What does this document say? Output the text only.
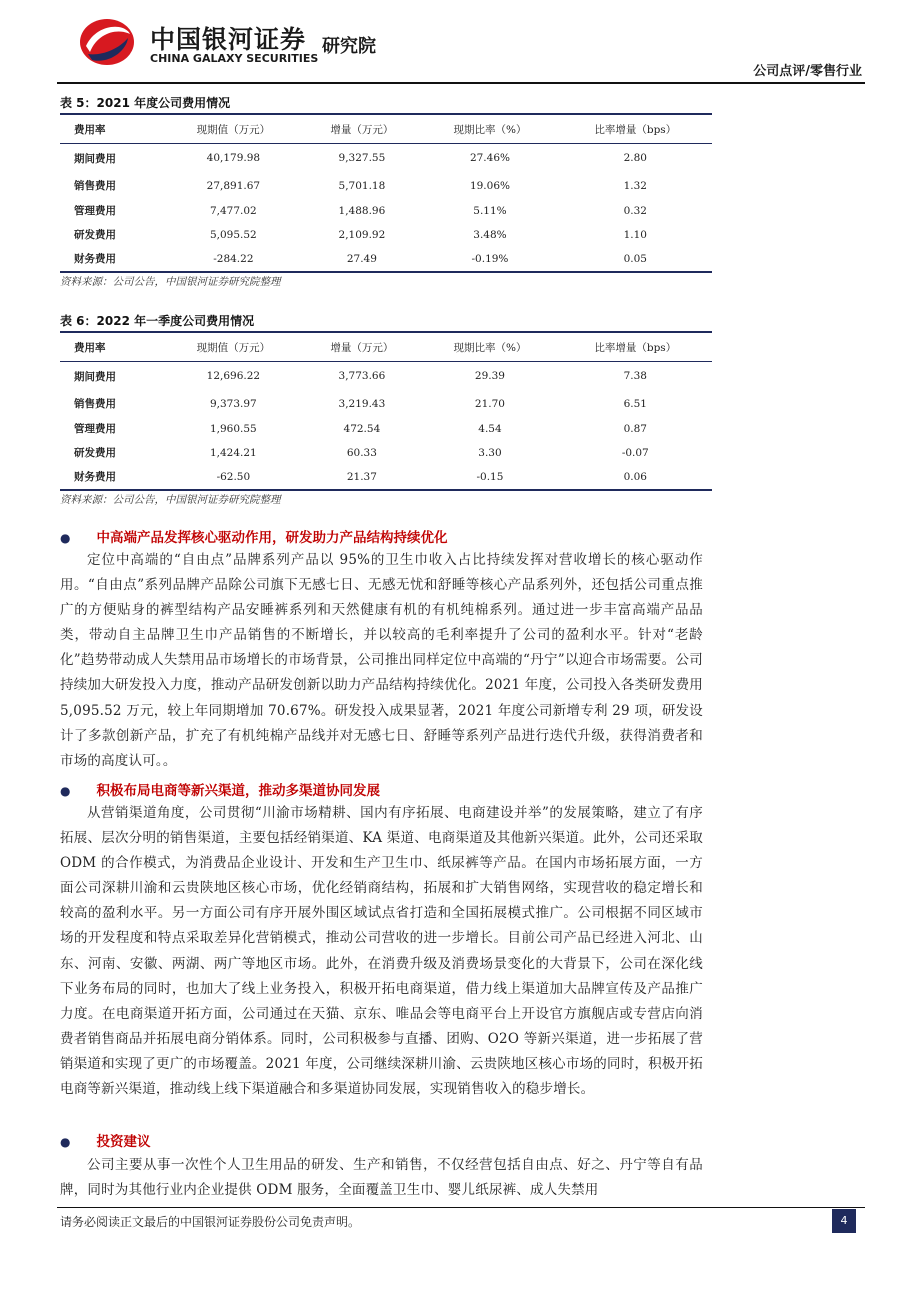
中国银河证券
CHINA GALAXY SECURITIES
研究院
公司点评/零售行业
表 5：2021 年度公司费用情况
费用率	现期值（万元）	增量（万元）	现期比率（%）	比率增量（bps）
期间费用	40,179.98	9,327.55	27.46%	2.80
销售费用	27,891.67	5,701.18	19.06%	1.32
管理费用	7,477.02	1,488.96	5.11%	0.32
研发费用	5,095.52	2,109.92	3.48%	1.10
财务费用	-284.22	27.49	-0.19%	0.05
资料来源：公司公告，中国银河证券研究院整理
表 6：2022 年一季度公司费用情况
费用率	现期值（万元）	增量（万元）	现期比率（%）	比率增量（bps）
期间费用	12,696.22	3,773.66	29.39	7.38
销售费用	9,373.97	3,219.43	21.70	6.51
管理费用	1,960.55	472.54	4.54	0.87
研发费用	1,424.21	60.33	3.30	-0.07
财务费用	-62.50	21.37	-0.15	0.06
资料来源：公司公告，中国银河证券研究院整理
● 中高端产品发挥核心驱动作用，研发助力产品结构持续优化

定位中高端的“自由点”品牌系列产品以 95%的卫生巾收入占比持续发挥对营收增长的核心驱动作用。“自由点”系列品牌产品除公司旗下无感七日、无感无忧和舒睡等核心产品系列外，还包括公司重点推广的方便贴身的裤型结构产品安睡裤系列和天然健康有机的有机纯棉系列。通过进一步丰富高端产品品类，带动自主品牌卫生巾产品销售的不断增长，并以较高的毛利率提升了公司的盈利水平。针对“老龄化”趋势带动成人失禁用品市场增长的市场背景，公司推出同样定位中高端的“丹宁”以迎合市场需要。公司持续加大研发投入力度，推动产品研发创新以助力产品结构持续优化。2021 年度，公司投入各类研发费用 5,095.52 万元，较上年同期增加 70.67%。研发投入成果显著，2021 年度公司新增专利 29 项，研发设计了多款创新产品，扩充了有机纯棉产品线并对无感七日、舒睡等系列产品进行迭代升级，获得消费者和市场的高度认可。。

● 积极布局电商等新兴渠道，推动多渠道协同发展

从营销渠道角度，公司贯彻“川渝市场精耕、国内有序拓展、电商建设并举”的发展策略，建立了有序拓展、层次分明的销售渠道，主要包括经销渠道、KA 渠道、电商渠道及其他新兴渠道。此外，公司还采取 ODM 的合作模式，为消费品企业设计、开发和生产卫生巾、纸尿裤等产品。在国内市场拓展方面，一方面公司深耕川渝和云贵陕地区核心市场，优化经销商结构，拓展和扩大销售网络，实现营收的稳定增长和较高的盈利水平。另一方面公司有序开展外围区域试点省打造和全国拓展模式推广。公司根据不同区域市场的开发程度和特点采取差异化营销模式，推动公司营收的进一步增长。目前公司产品已经进入河北、山东、河南、安徽、两湖、两广等地区市场。此外，在消费升级及消费场景变化的大背景下，公司在深化线下业务布局的同时，也加大了线上业务投入，积极开拓电商渠道，借力线上渠道加大品牌宣传及产品推广力度。在电商渠道开拓方面，公司通过在天猫、京东、唯品会等电商平台上开设官方旗舰店或专营店向消费者销售商品并拓展电商分销体系。同时，公司积极参与直播、团购、O2O 等新兴渠道，进一步拓展了营销渠道和实现了更广的市场覆盖。2021 年度，公司继续深耕川渝、云贵陕地区核心市场的同时，积极开拓电商等新兴渠道，推动线上线下渠道融合和多渠道协同发展，实现销售收入的稳步增长。

● 投资建议

公司主要从事一次性个人卫生用品的研发、生产和销售，不仅经营包括自由点、好之、丹宁等自有品牌，同时为其他行业内企业提供 ODM 服务，全面覆盖卫生巾、婴儿纸尿裤、成人失禁用

请务必阅读正文最后的中国银河证券股份公司免责声明。	4
